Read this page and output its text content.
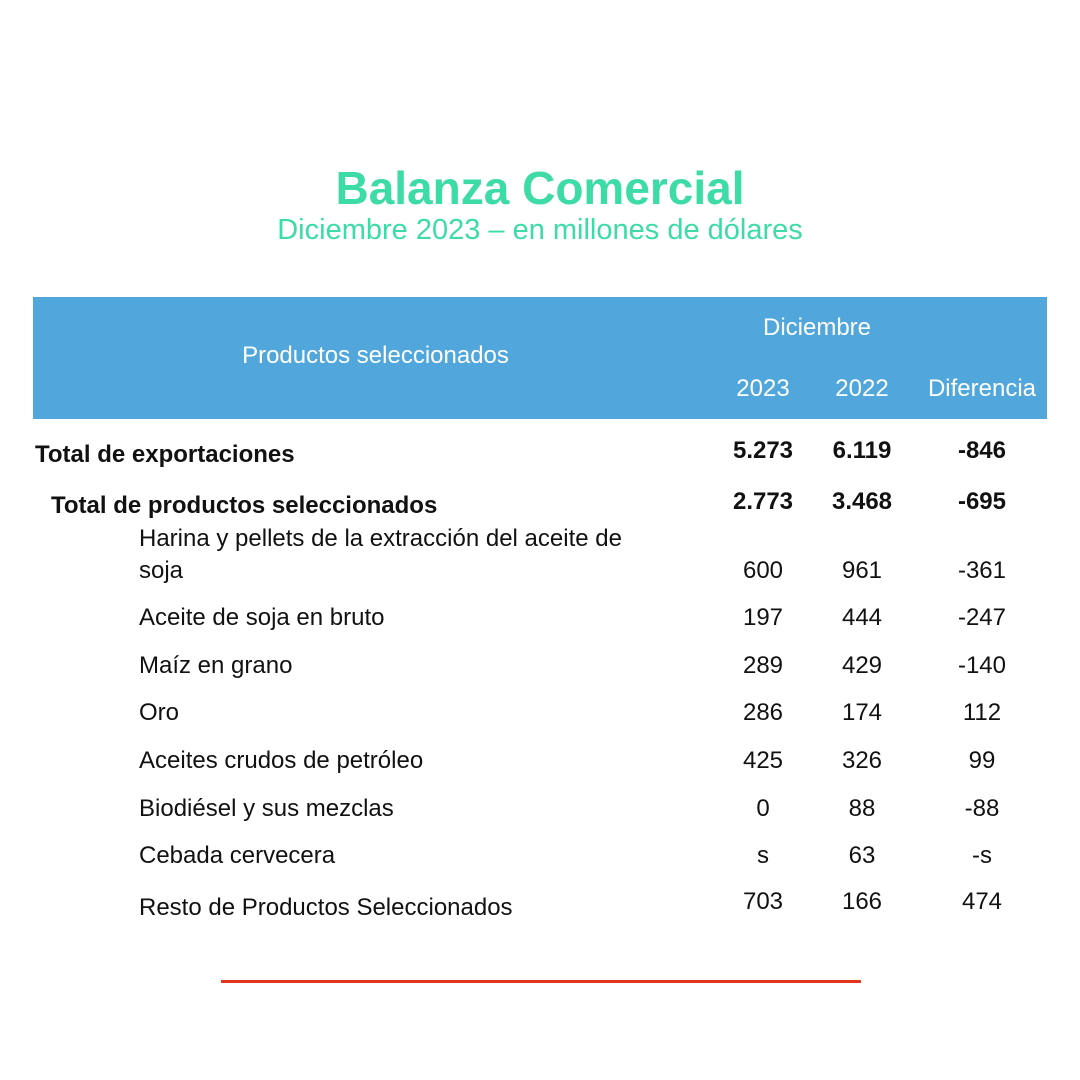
Balanza Comercial
Diciembre 2023 – en millones de dólares
Productos seleccionados
Diciembre
2023	2022	Diferencia
Total de exportaciones	5.273	6.119	-846
Total de productos seleccionados	2.773	3.468	-695
Harina y pellets de la extracción del aceite de
soja	600	961	-361
Aceite de soja en bruto	197	444	-247
Maíz en grano	289	429	-140
Oro	286	174	112
Aceites crudos de petróleo	425	326	99
Biodiésel y sus mezclas	0	88	-88
Cebada cervecera	s	63	-s
Resto de Productos Seleccionados	703	166	474
